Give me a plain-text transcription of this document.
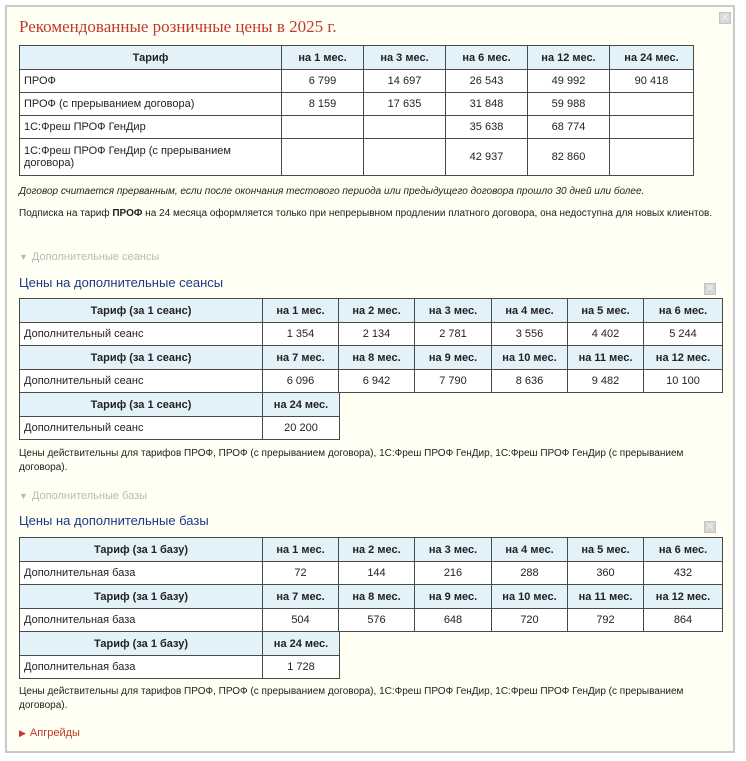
×
Рекомендованные розничные цены в 2025 г.
Тариф	на 1 мес.	на 3 мес.	на 6 мес.	на 12 мес.	на 24 мес.
ПРОФ	6 799	14 697	26 543	49 992	90 418
ПРОФ (с прерыванием договора)	8 159	17 635	31 848	59 988	
1С:Фреш ПРОФ ГенДир			35 638	68 774	
1С:Фреш ПРОФ ГенДир (с прерыванием договора)			42 937	82 860	

Договор считается прерванным, если после окончания тестового периода или предыдущего договора прошло 30 дней или более.

Подписка на тариф ПРОФ на 24 месяца оформляется только при непрерывном продлении платного договора, она недоступна для новых клиентов.

▼ Дополнительные сеансы
Цены на дополнительные сеансы	×
Тариф (за 1 сеанс)	на 1 мес.	на 2 мес.	на 3 мес.	на 4 мес.	на 5 мес.	на 6 мес.
Дополнительный сеанс	1 354	2 134	2 781	3 556	4 402	5 244
Тариф (за 1 сеанс)	на 7 мес.	на 8 мес.	на 9 мес.	на 10 мес.	на 11 мес.	на 12 мес.
Дополнительный сеанс	6 096	6 942	7 790	8 636	9 482	10 100
Тариф (за 1 сеанс)	на 24 мес.
Дополнительный сеанс	20 200

Цены действительны для тарифов ПРОФ, ПРОФ (с прерыванием договора), 1С:Фреш ПРОФ ГенДир, 1С:Фреш ПРОФ ГенДир (с прерыванием договора).

▼ Дополнительные базы
Цены на дополнительные базы	×
Тариф (за 1 базу)	на 1 мес.	на 2 мес.	на 3 мес.	на 4 мес.	на 5 мес.	на 6 мес.
Дополнительная база	72	144	216	288	360	432
Тариф (за 1 базу)	на 7 мес.	на 8 мес.	на 9 мес.	на 10 мес.	на 11 мес.	на 12 мес.
Дополнительная база	504	576	648	720	792	864
Тариф (за 1 базу)	на 24 мес.
Дополнительная база	1 728

Цены действительны для тарифов ПРОФ, ПРОФ (с прерыванием договора), 1С:Фреш ПРОФ ГенДир, 1С:Фреш ПРОФ ГенДир (с прерыванием договора).

▶ Апгрейды
